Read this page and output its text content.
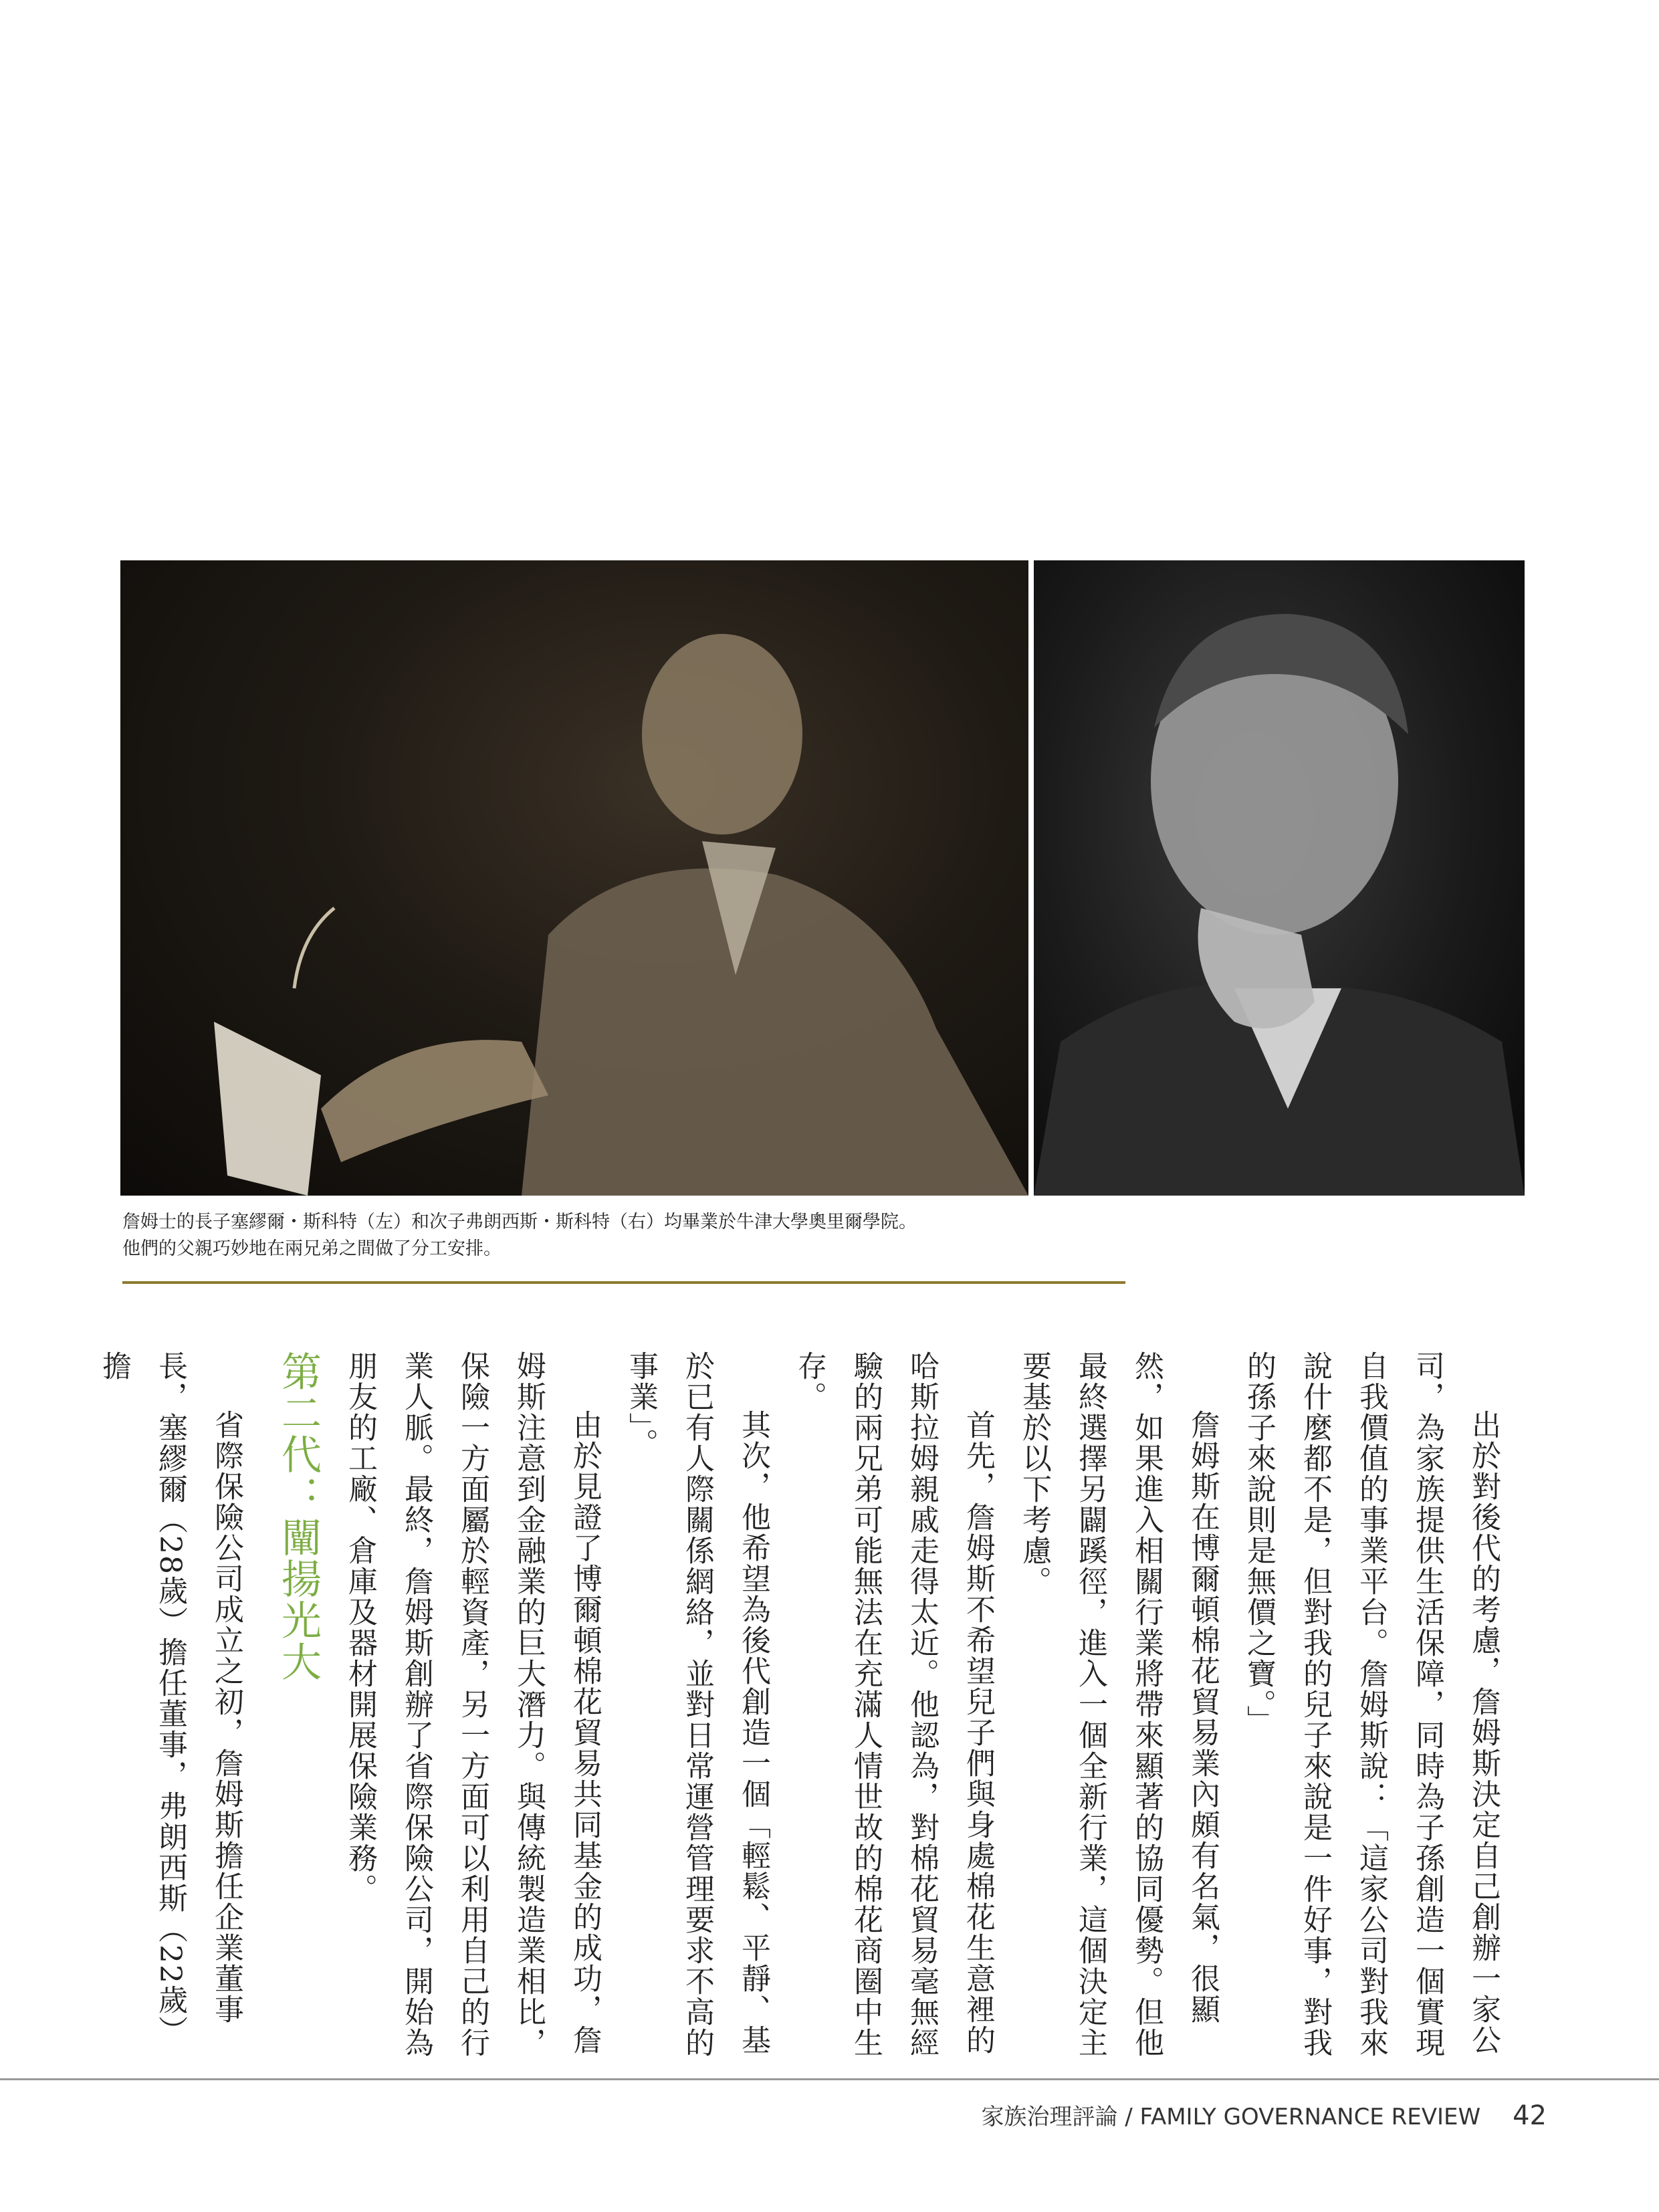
詹姆士的長子塞繆爾・斯科特（左）和次子弗朗西斯・斯科特（右）均畢業於牛津大學奧里爾學院。

他們的父親巧妙地在兩兄弟之間做了分工安排。

出於對後代的考慮，詹姆斯決定自己創辦一家公司，為家族提供生活保障，同時為子孫創造一個實現自我價值的事業平台。詹姆斯說：「這家公司對我來說什麼都不是，但對我的兒子來說是一件好事，對我的孫子來說則是無價之寶。」

詹姆斯在博爾頓棉花貿易業內頗有名氣，很顯然，如果進入相關行業將帶來顯著的協同優勢。但他最終選擇另闢蹊徑，進入一個全新行業，這個決定主要基於以下考慮。

首先，詹姆斯不希望兒子們與身處棉花生意裡的哈斯拉姆親戚走得太近。他認為，對棉花貿易毫無經驗的兩兄弟可能無法在充滿人情世故的棉花商圈中生存。

其次，他希望為後代創造一個「輕鬆、平靜、基於已有人際關係網絡，並對日常運營管理要求不高的事業」。

由於見證了博爾頓棉花貿易共同基金的成功，詹姆斯注意到金融業的巨大潛力。與傳統製造業相比，保險一方面屬於輕資產，另一方面可以利用自己的行業人脈。最終，詹姆斯創辦了省際保險公司，開始為朋友的工廠、倉庫及器材開展保險業務。

第二代：闡揚光大

省際保險公司成立之初，詹姆斯擔任企業董事長，塞繆爾（28歲）擔任董事，弗朗西斯（22歲）擔

家族治理評論 / FAMILY GOVERNANCE REVIEW 42
